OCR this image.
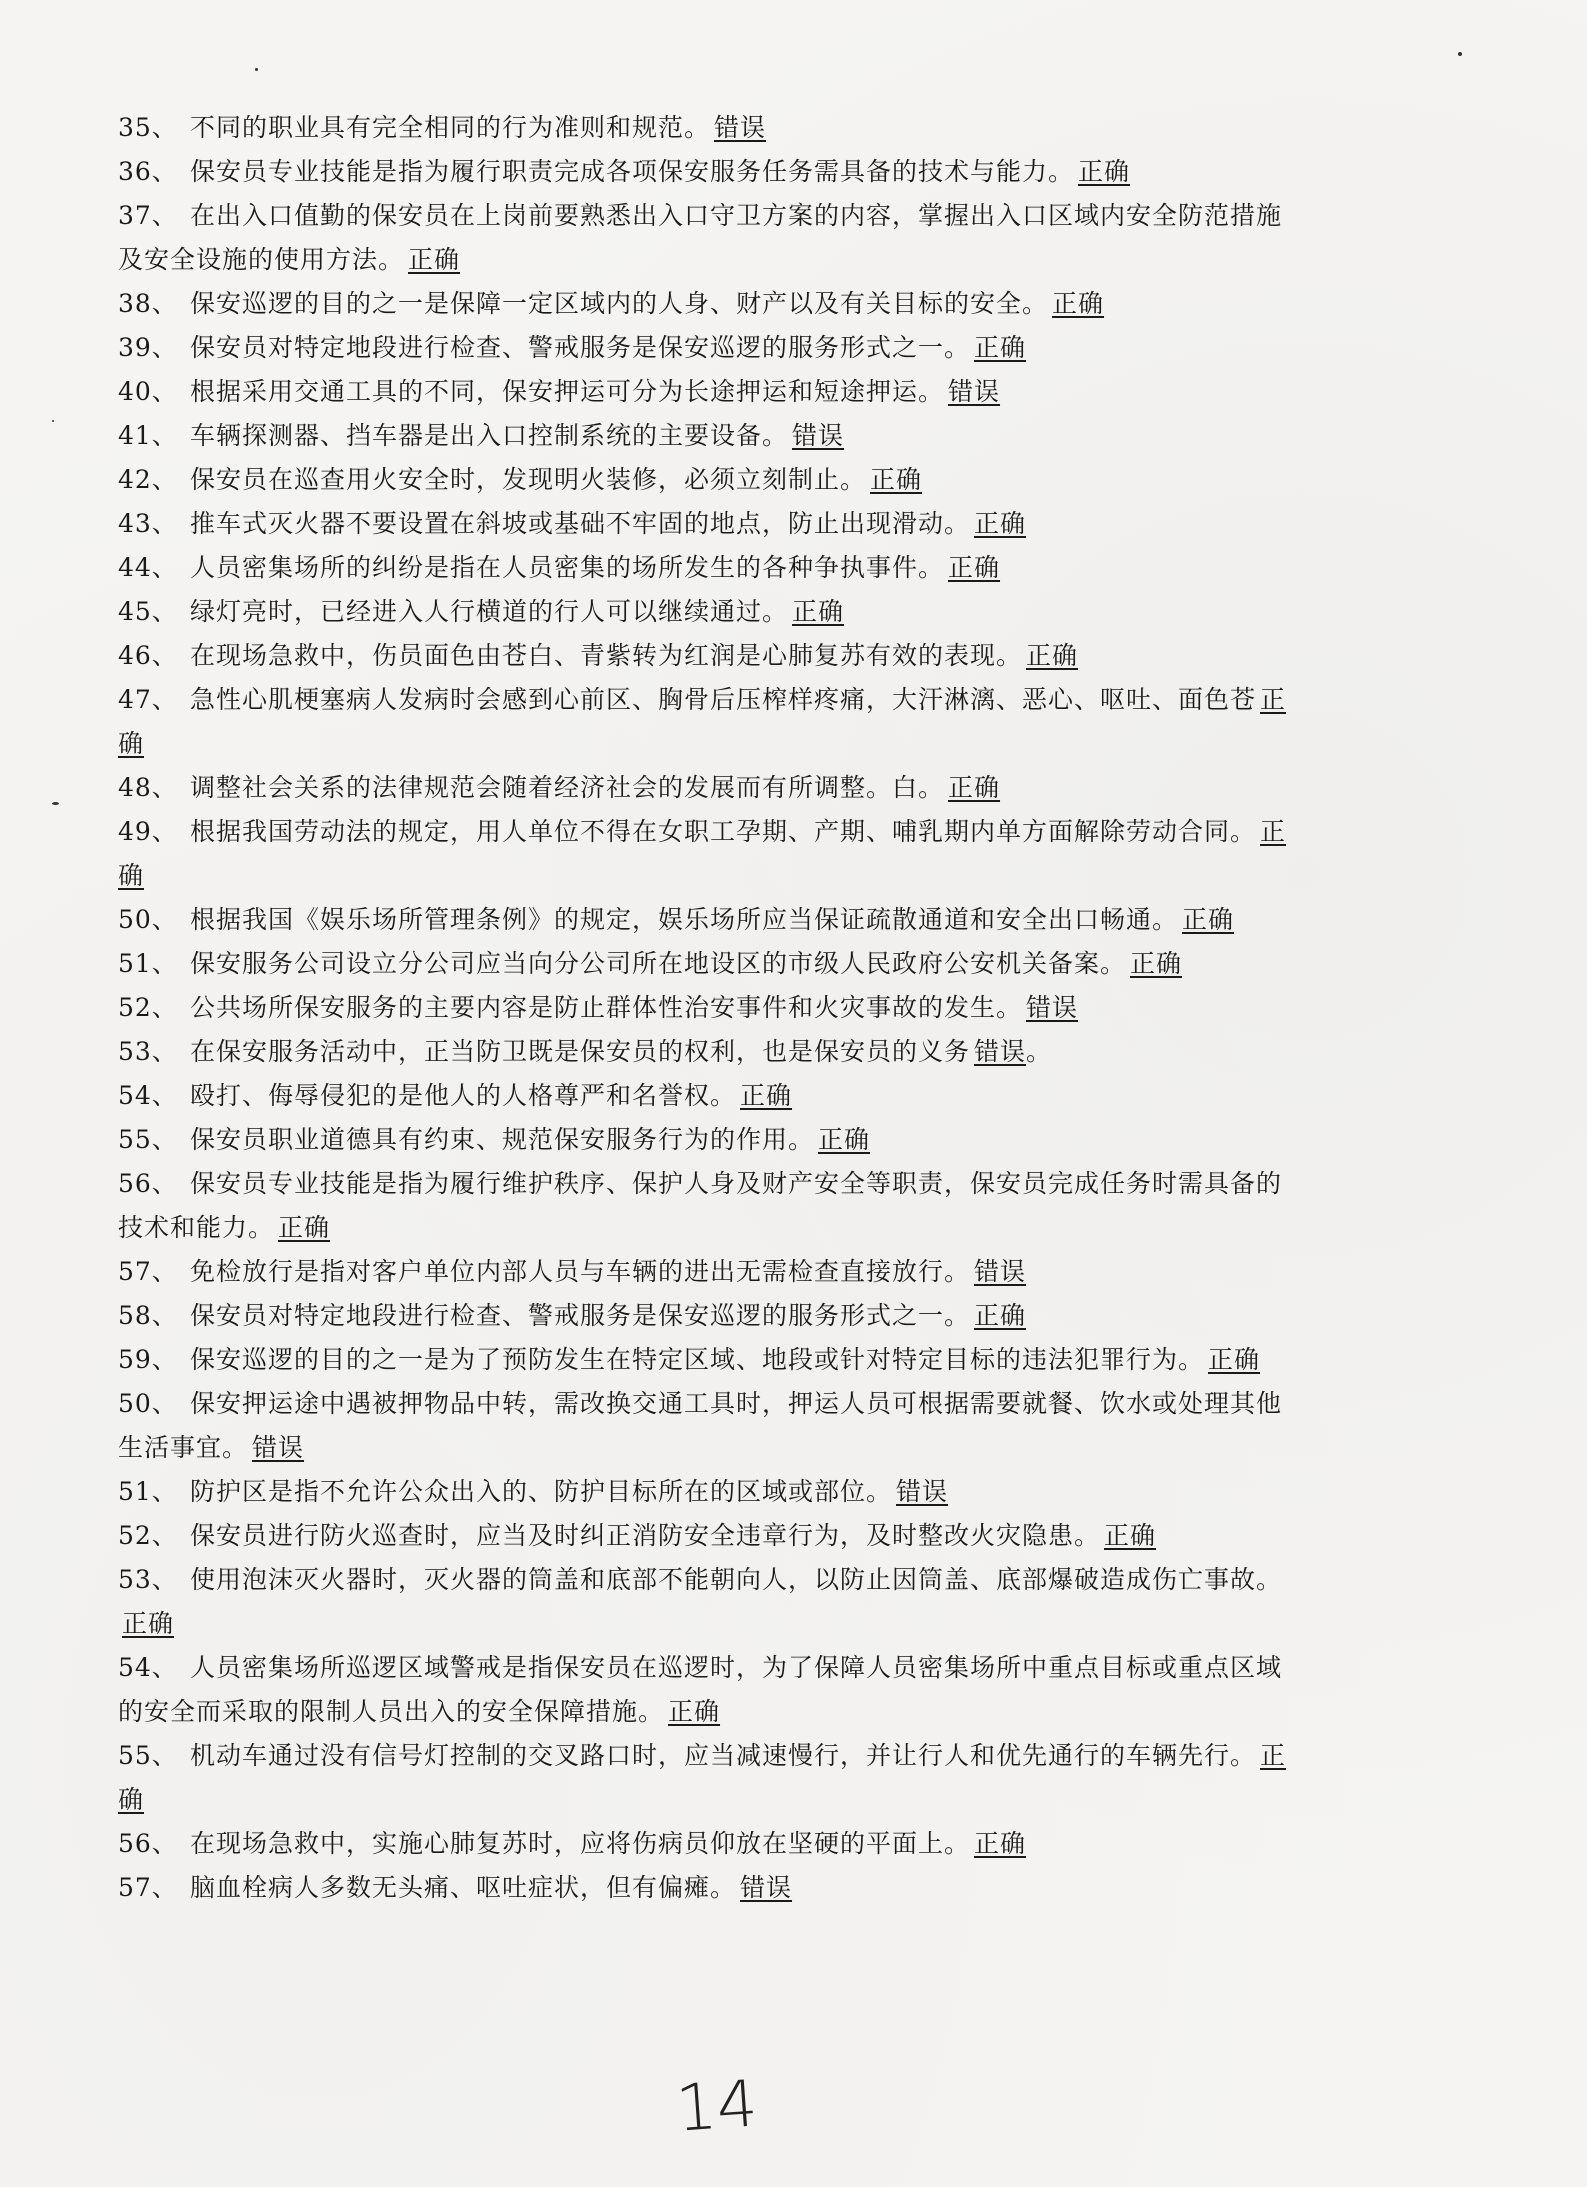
35、 不同的职业具有完全相同的行为准则和规范。 错误

36、 保安员专业技能是指为履行职责完成各项保安服务任务需具备的技术与能力。 正确

37、 在出入口值勤的保安员在上岗前要熟悉出入口守卫方案的内容，掌握出入口区域内安全防范措施及安全设施的使用方法。 正确

38、 保安巡逻的目的之一是保障一定区域内的人身、财产以及有关目标的安全。 正确

39、 保安员对特定地段进行检查、警戒服务是保安巡逻的服务形式之一。 正确

40、 根据采用交通工具的不同，保安押运可分为长途押运和短途押运。 错误

41、 车辆探测器、挡车器是出入口控制系统的主要设备。 错误

42、 保安员在巡查用火安全时，发现明火装修，必须立刻制止。 正确

43、 推车式灭火器不要设置在斜坡或基础不牢固的地点，防止出现滑动。 正确

44、 人员密集场所的纠纷是指在人员密集的场所发生的各种争执事件。 正确

45、 绿灯亮时，已经进入人行横道的行人可以继续通过。 正确

46、 在现场急救中，伤员面色由苍白、青紫转为红润是心肺复苏有效的表现。 正确

47、 急性心肌梗塞病人发病时会感到心前区、胸骨后压榨样疼痛，大汗淋漓、恶心、呕吐、面色苍 正确

48、 调整社会关系的法律规范会随着经济社会的发展而有所调整。白。 正确

49、 根据我国劳动法的规定，用人单位不得在女职工孕期、产期、哺乳期内单方面解除劳动合同。 正确

50、 根据我国《娱乐场所管理条例》的规定，娱乐场所应当保证疏散通道和安全出口畅通。 正确

51、 保安服务公司设立分公司应当向分公司所在地设区的市级人民政府公安机关备案。 正确

52、 公共场所保安服务的主要内容是防止群体性治安事件和火灾事故的发生。 错误

53、 在保安服务活动中，正当防卫既是保安员的权利，也是保安员的义务 错误。

54、 殴打、侮辱侵犯的是他人的人格尊严和名誉权。 正确

55、 保安员职业道德具有约束、规范保安服务行为的作用。 正确

56、 保安员专业技能是指为履行维护秩序、保护人身及财产安全等职责，保安员完成任务时需具备的技术和能力。 正确

57、 免检放行是指对客户单位内部人员与车辆的进出无需检查直接放行。 错误

58、 保安员对特定地段进行检查、警戒服务是保安巡逻的服务形式之一。 正确

59、 保安巡逻的目的之一是为了预防发生在特定区域、地段或针对特定目标的违法犯罪行为。 正确

50、 保安押运途中遇被押物品中转，需改换交通工具时，押运人员可根据需要就餐、饮水或处理其他生活事宜。 错误

51、 防护区是指不允许公众出入的、防护目标所在的区域或部位。 错误

52、 保安员进行防火巡查时，应当及时纠正消防安全违章行为，及时整改火灾隐患。 正确

53、 使用泡沫灭火器时，灭火器的筒盖和底部不能朝向人，以防止因筒盖、底部爆破造成伤亡事故。正确

54、 人员密集场所巡逻区域警戒是指保安员在巡逻时，为了保障人员密集场所中重点目标或重点区域的安全而采取的限制人员出入的安全保障措施。 正确

55、 机动车通过没有信号灯控制的交叉路口时，应当减速慢行，并让行人和优先通行的车辆先行。 正确

56、 在现场急救中，实施心肺复苏时，应将伤病员仰放在坚硬的平面上。 正确

57、 脑血栓病人多数无头痛、呕吐症状，但有偏瘫。 错误

14
